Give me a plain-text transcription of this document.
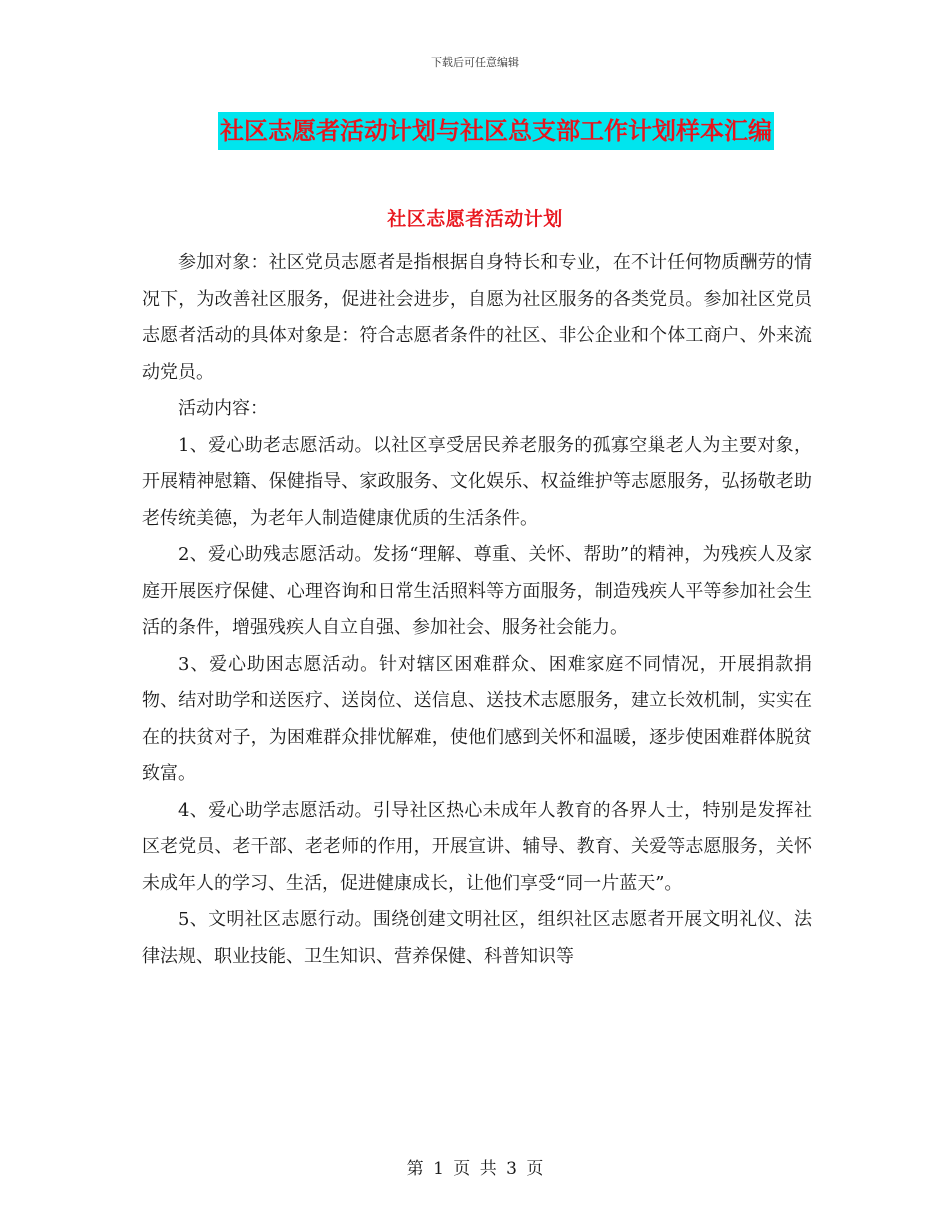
下载后可任意编辑
社区志愿者活动计划与社区总支部工作计划样本汇编
社区志愿者活动计划

参加对象：社区党员志愿者是指根据自身特长和专业，在不计任何物质酬劳的情况下，为改善社区服务，促进社会进步，自愿为社区服务的各类党员。参加社区党员志愿者活动的具体对象是：符合志愿者条件的社区、非公企业和个体工商户、外来流动党员。

活动内容：

1、爱心助老志愿活动。以社区享受居民养老服务的孤寡空巢老人为主要对象，开展精神慰籍、保健指导、家政服务、文化娱乐、权益维护等志愿服务，弘扬敬老助老传统美德，为老年人制造健康优质的生活条件。

2、爱心助残志愿活动。发扬“理解、尊重、关怀、帮助”的精神，为残疾人及家庭开展医疗保健、心理咨询和日常生活照料等方面服务，制造残疾人平等参加社会生活的条件，增强残疾人自立自强、参加社会、服务社会能力。

3、爱心助困志愿活动。针对辖区困难群众、困难家庭不同情况，开展捐款捐物、结对助学和送医疗、送岗位、送信息、送技术志愿服务，建立长效机制，实实在在的扶贫对子，为困难群众排忧解难，使他们感到关怀和温暖，逐步使困难群体脱贫致富。

4、爱心助学志愿活动。引导社区热心未成年人教育的各界人士，特别是发挥社区老党员、老干部、老老师的作用，开展宣讲、辅导、教育、关爱等志愿服务，关怀未成年人的学习、生活，促进健康成长，让他们享受“同一片蓝天”。

5、文明社区志愿行动。围绕创建文明社区，组织社区志愿者开展文明礼仪、法律法规、职业技能、卫生知识、营养保健、科普知识等

第 1 页 共 3 页
